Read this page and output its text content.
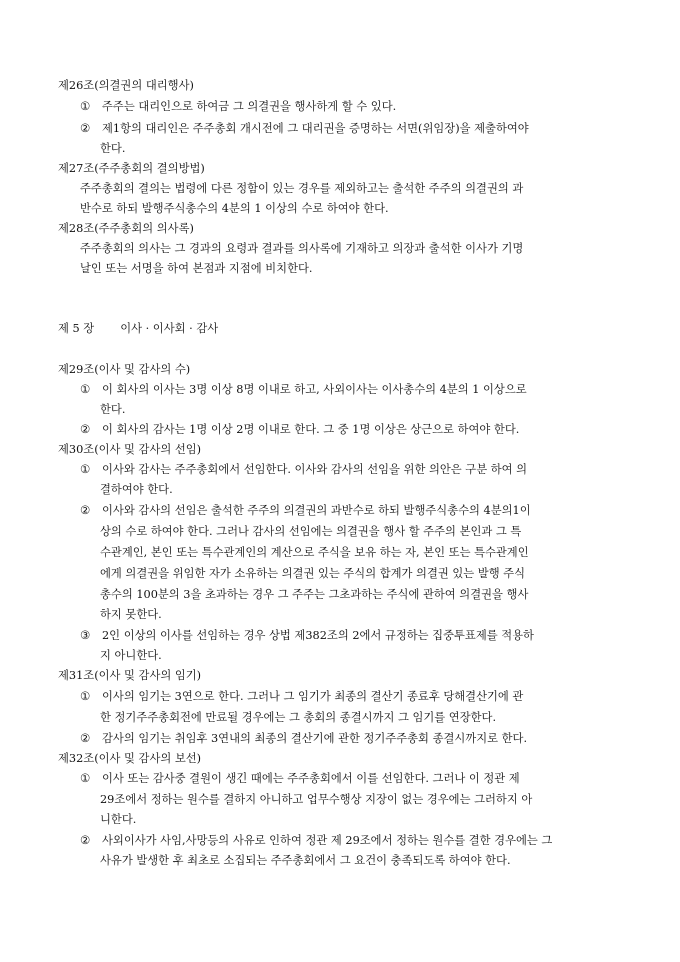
제26조(의결권의 대리행사)
① 주주는 대리인으로 하여금 그 의결권을 행사하게 할 수 있다.
② 제1항의 대리인은 주주총회 개시전에 그 대리권을 증명하는 서면(위임장)을 제출하여야
한다.
제27조(주주총회의 결의방법)
주주총회의 결의는 법령에 다른 정함이 있는 경우를 제외하고는 출석한 주주의 의결권의 과
반수로 하되 발행주식총수의 4분의 1 이상의 수로 하여야 한다.
제28조(주주총회의 의사록)
주주총회의 의사는 그 경과의 요령과 결과를 의사록에 기재하고 의장과 출석한 이사가 기명
날인 또는 서명을 하여 본점과 지점에 비치한다.
제 5 장 이사 · 이사회 · 감사
제29조(이사 및 감사의 수)
① 이 회사의 이사는 3명 이상 8명 이내로 하고, 사외이사는 이사총수의 4분의 1 이상으로
한다.
② 이 회사의 감사는 1명 이상 2명 이내로 한다. 그 중 1명 이상은 상근으로 하여야 한다.
제30조(이사 및 감사의 선임)
① 이사와 감사는 주주총회에서 선임한다. 이사와 감사의 선임을 위한 의안은 구분 하여 의
결하여야 한다.
② 이사와 감사의 선임은 출석한 주주의 의결권의 과반수로 하되 발행주식총수의 4분의1이
상의 수로 하여야 한다. 그러나 감사의 선임에는 의결권을 행사 할 주주의 본인과 그 특
수관계인, 본인 또는 특수관계인의 계산으로 주식을 보유 하는 자, 본인 또는 특수관계인
에게 의결권을 위임한 자가 소유하는 의결권 있는 주식의 합계가 의결권 있는 발행 주식
총수의 100분의 3을 초과하는 경우 그 주주는 그초과하는 주식에 관하여 의결권을 행사
하지 못한다.
③ 2인 이상의 이사를 선임하는 경우 상법 제382조의 2에서 규정하는 집중투표제를 적용하
지 아니한다.
제31조(이사 및 감사의 임기)
① 이사의 임기는 3연으로 한다. 그러나 그 임기가 최종의 결산기 종료후 당해결산기에 관
한 정기주주총회전에 만료될 경우에는 그 총회의 종결시까지 그 임기를 연장한다.
② 감사의 임기는 취임후 3연내의 최종의 결산기에 관한 정기주주총회 종결시까지로 한다.
제32조(이사 및 감사의 보선)
① 이사 또는 감사중 결원이 생긴 때에는 주주총회에서 이를 선임한다. 그러나 이 정관 제
29조에서 정하는 원수를 결하지 아니하고 업무수행상 지장이 없는 경우에는 그러하지 아
니한다.
② 사외이사가 사임,사망등의 사유로 인하여 정관 제 29조에서 정하는 원수를 결한 경우에는 그
사유가 발생한 후 최초로 소집되는 주주총회에서 그 요건이 충족되도록 하여야 한다.
